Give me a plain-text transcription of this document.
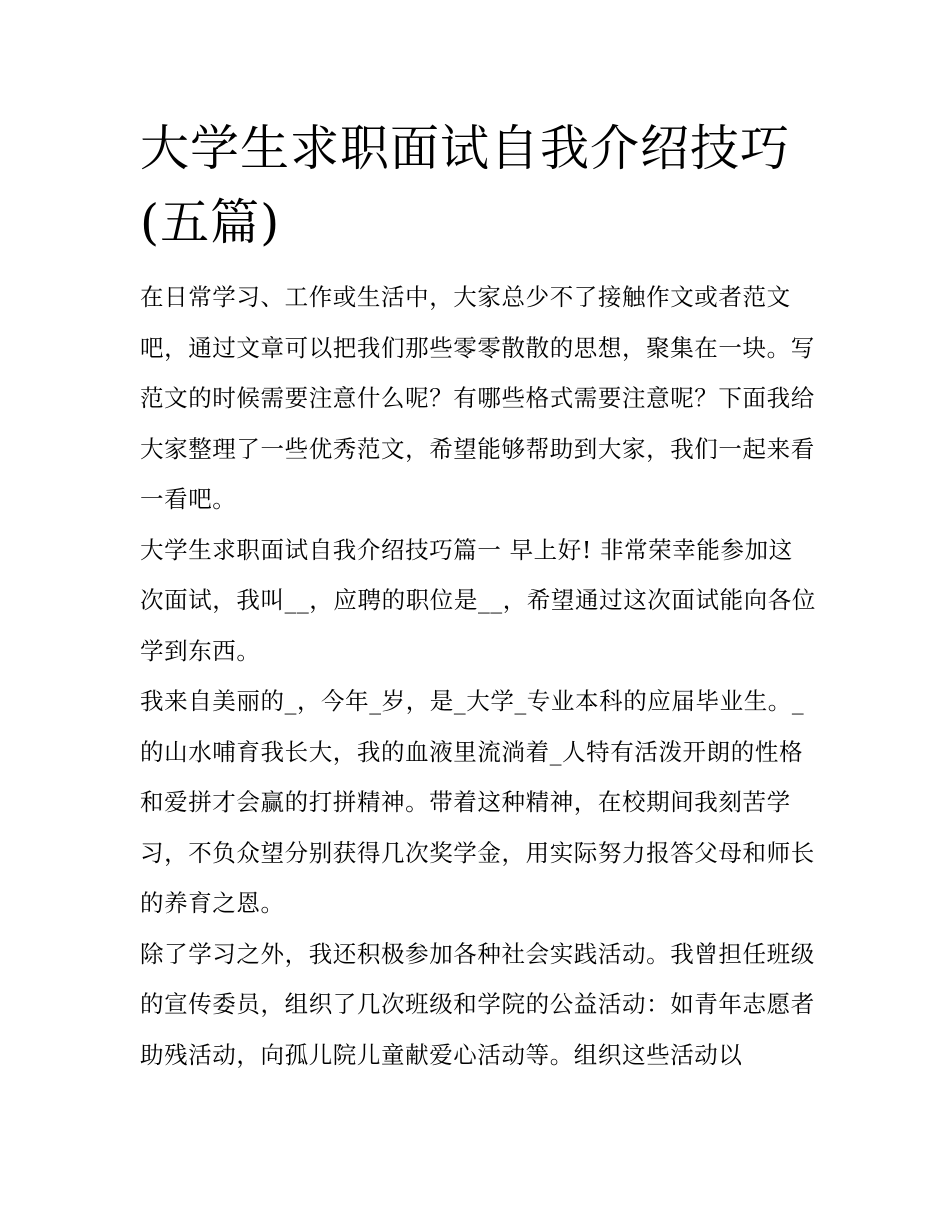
大学生求职面试自我介绍技巧(五篇)

在日常学习、工作或生活中，大家总少不了接触作文或者范文吧，通过文章可以把我们那些零零散散的思想，聚集在一块。写范文的时候需要注意什么呢？有哪些格式需要注意呢？下面我给大家整理了一些优秀范文，希望能够帮助到大家，我们一起来看一看吧。

大学生求职面试自我介绍技巧篇一 早上好! 非常荣幸能参加这次面试，我叫__，应聘的职位是__，希望通过这次面试能向各位学到东西。

我来自美丽的_，今年_岁，是_大学_专业本科的应届毕业生。_的山水哺育我长大，我的血液里流淌着_人特有活泼开朗的性格和爱拼才会赢的打拼精神。带着这种精神，在校期间我刻苦学习，不负众望分别获得几次奖学金，用实际努力报答父母和师长的养育之恩。

除了学习之外，我还积极参加各种社会实践活动。我曾担任班级的宣传委员，组织了几次班级和学院的公益活动：如青年志愿者助残活动，向孤儿院儿童献爱心活动等。组织这些活动以
